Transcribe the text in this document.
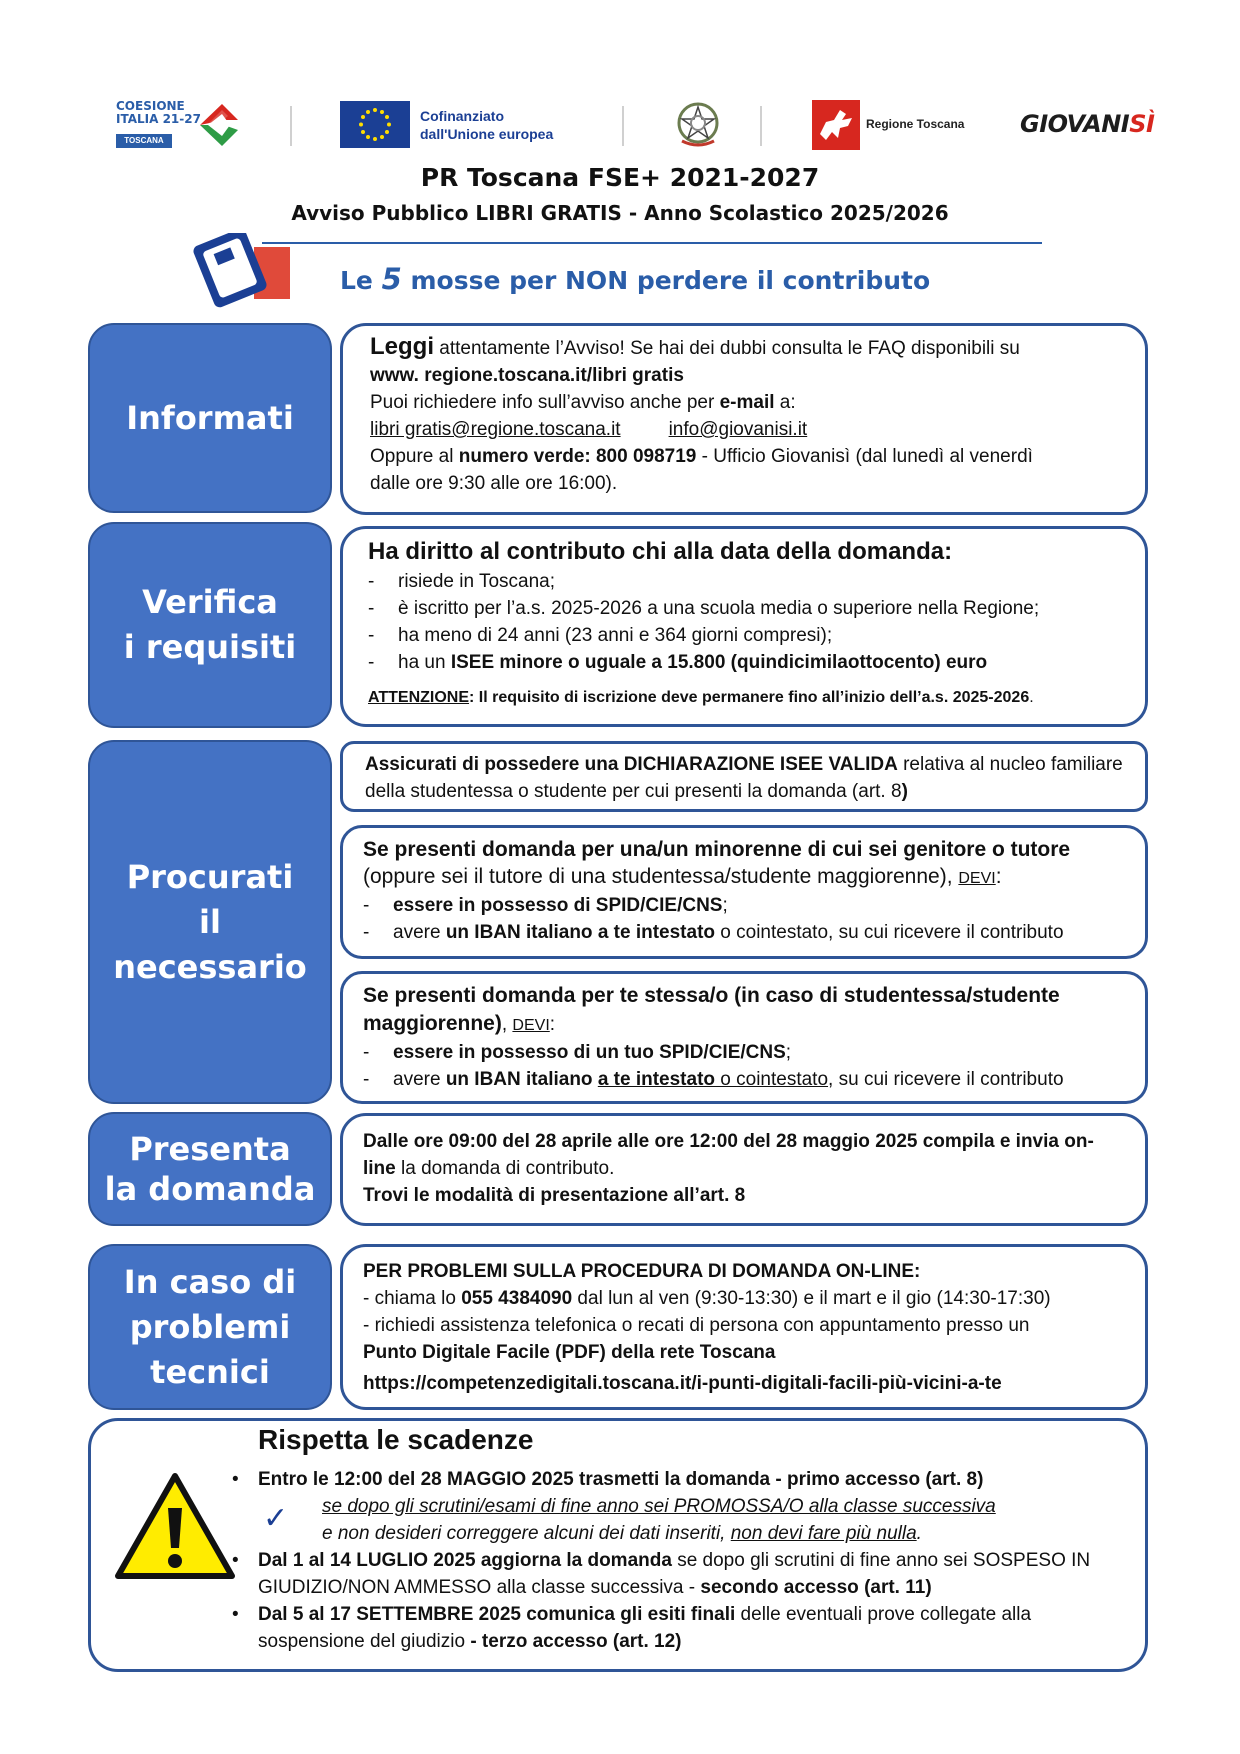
COESIONE
ITALIA 21-27
TOSCANA
Cofinanziato
dall'Unione europea
Regione Toscana GIOVANISÌ
PR Toscana FSE+ 2021-2027
Avviso Pubblico LIBRI GRATIS - Anno Scolastico 2025/2026
Le 5 mosse per NON perdere il contributo
Informati

Leggi attentamente l’Avviso! Se hai dei dubbi consulta le FAQ disponibili su

www. regione.toscana.it/libri gratis

Puoi richiedere info sull’avviso anche per e-mail a:

libri gratis@regione.toscana.it	info@giovanisi.it

Oppure al numero verde: 800 098719 - Ufficio Giovanisì (dal lunedì al venerdì

dalle ore 9:30 alle ore 16:00).

Verifica
i requisiti

Ha diritto al contributo chi alla data della domanda:

-	risiede in Toscana;
-	è iscritto per l’a.s. 2025-2026 a una scuola media o superiore nella Regione;
-	ha meno di 24 anni (23 anni e 364 giorni compresi);
-	ha un ISEE minore o uguale a 15.800 (quindicimilaottocento) euro

ATTENZIONE: Il requisito di iscrizione deve permanere fino all’inizio dell’a.s. 2025-2026.

Procurati
il
necessario

Assicurati di possedere una DICHIARAZIONE ISEE VALIDA relativa al nucleo familiare della studentessa o studente per cui presenti la domanda (art. 8)

Se presenti domanda per una/un minorenne di cui sei genitore o tutore

(oppure sei il tutore di una studentessa/studente maggiorenne), DEVI:

-	essere in possesso di SPID/CIE/CNS;
-	avere un IBAN italiano a te intestato o cointestato, su cui ricevere il contributo

Se presenti domanda per te stessa/o (in caso di studentessa/studente maggiorenne), DEVI:

-	essere in possesso di un tuo SPID/CIE/CNS;
-	avere un IBAN italiano a te intestato o cointestato, su cui ricevere il contributo
Presenta
la domanda

Dalle ore 09:00 del 28 aprile alle ore 12:00 del 28 maggio 2025 compila e invia on-line la domanda di contributo.

Trovi le modalità di presentazione all’art. 8

In caso di
problemi
tecnici

PER PROBLEMI SULLA PROCEDURA DI DOMANDA ON-LINE:

- chiama lo 055 4384090 dal lun al ven (9:30-13:30) e il mart e il gio (14:30-17:30)

- richiedi assistenza telefonica o recati di persona con appuntamento presso un

Punto Digitale Facile (PDF) della rete Toscana

https://competenzedigitali.toscana.it/i-punti-digitali-facili-più-vicini-a-te

Rispetta le scadenze
• Entro le 12:00 del 28 MAGGIO 2025 trasmetti la domanda - primo accesso (art. 8)
✓ se dopo gli scrutini/esami di fine anno sei PROMOSSA/O alla classe successiva
e non desideri correggere alcuni dei dati inseriti, non devi fare più nulla.
• Dal 1 al 14 LUGLIO 2025 aggiorna la domanda se dopo gli scrutini di fine anno sei SOSPESO IN GIUDIZIO/NON AMMESSO alla classe successiva - secondo accesso (art. 11)
• Dal 5 al 17 SETTEMBRE 2025 comunica gli esiti finali delle eventuali prove collegate alla sospensione del giudizio - terzo accesso (art. 12)
